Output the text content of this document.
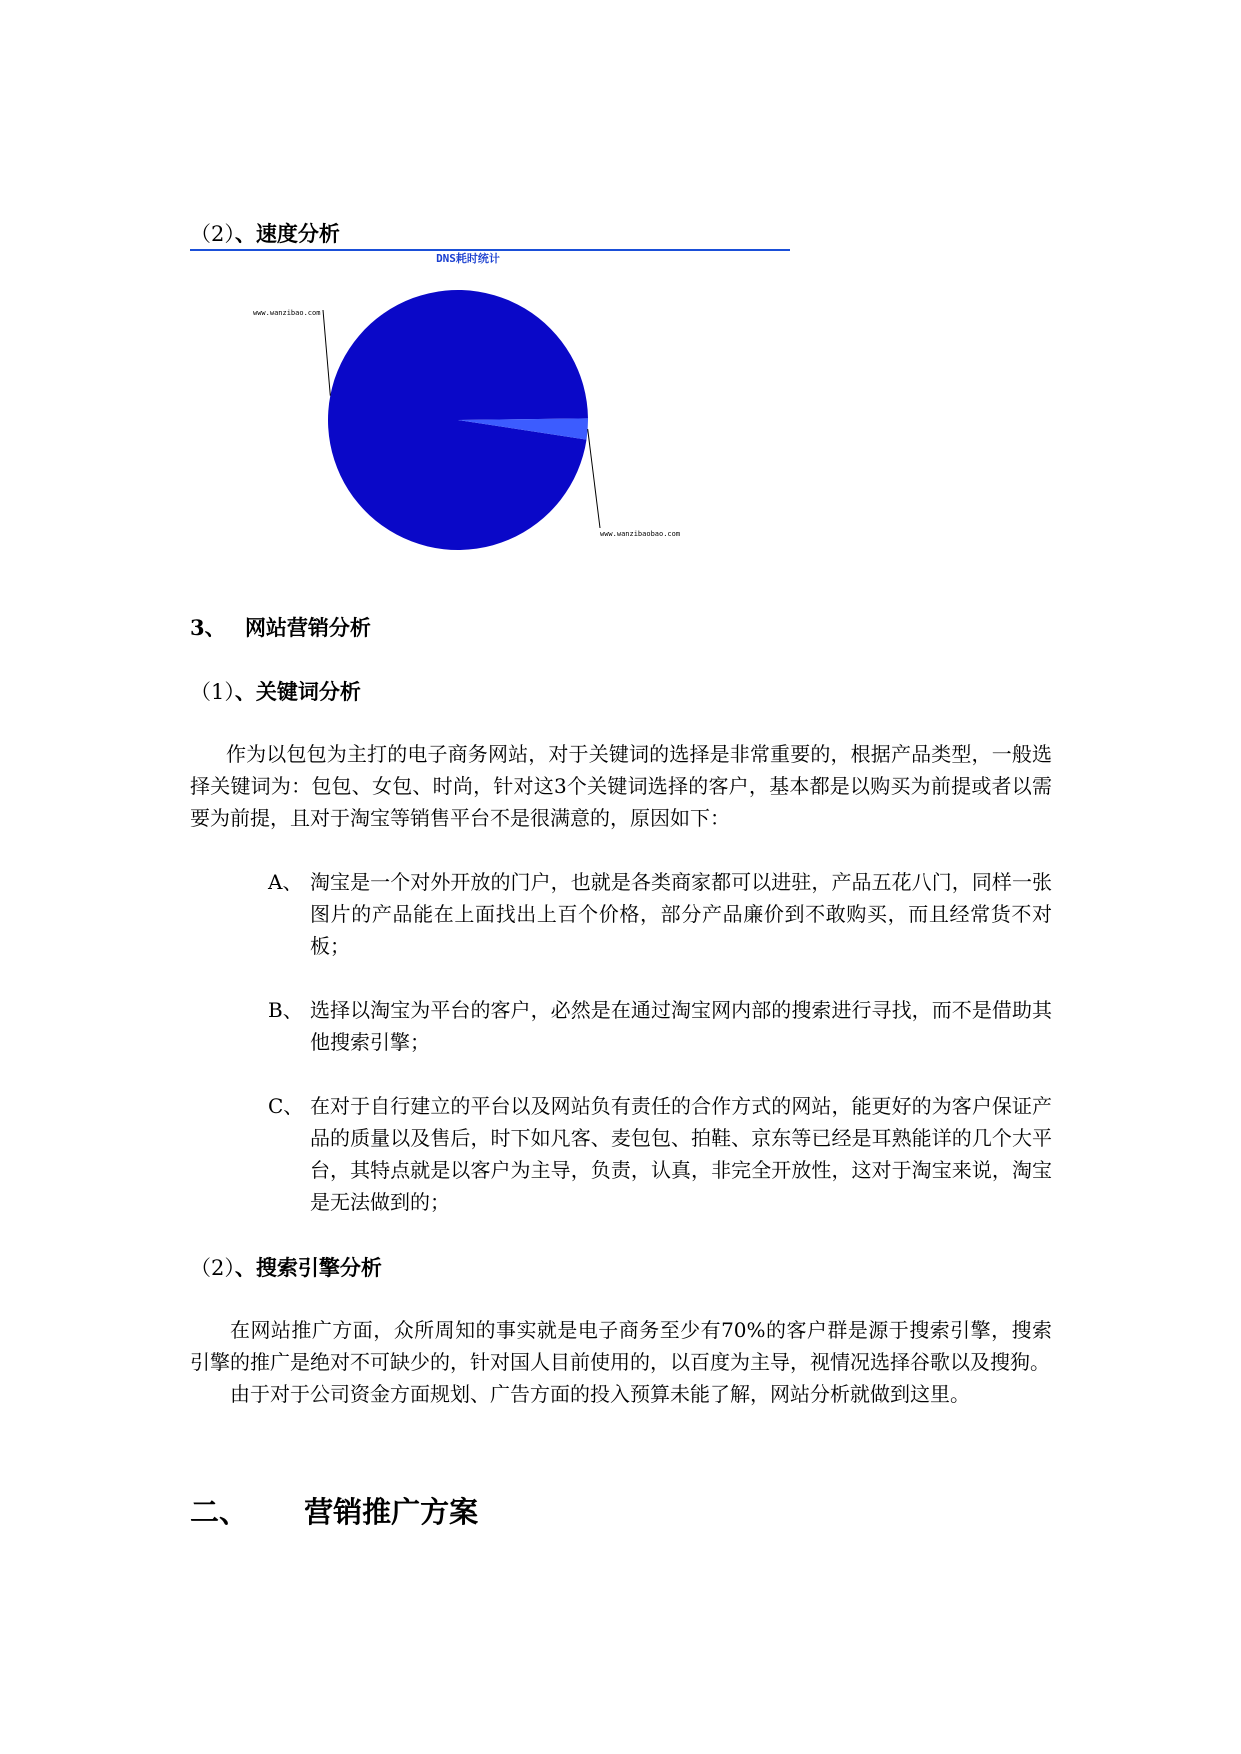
（2）、速度分析
DNS耗时统计
www.wanzibao.com
www.wanzibaobao.com
3、 网站营销分析
（1）、关键词分析

作为以包包为主打的电子商务网站，对于关键词的选择是非常重要的，根据产品类型，一般选择关键词为：包包、女包、时尚，针对这3个关键词选择的客户，基本都是以购买为前提或者以需要为前提，且对于淘宝等销售平台不是很满意的，原因如下：

A、 淘宝是一个对外开放的门户，也就是各类商家都可以进驻，产品五花八门，同样一张图片的产品能在上面找出上百个价格，部分产品廉价到不敢购买，而且经常货不对板；
B、 选择以淘宝为平台的客户，必然是在通过淘宝网内部的搜索进行寻找，而不是借助其他搜索引擎；
C、 在对于自行建立的平台以及网站负有责任的合作方式的网站，能更好的为客户保证产品的质量以及售后，时下如凡客、麦包包、拍鞋、京东等已经是耳熟能详的几个大平台，其特点就是以客户为主导，负责，认真，非完全开放性，这对于淘宝来说，淘宝是无法做到的；
（2）、搜索引擎分析

在网站推广方面，众所周知的事实就是电子商务至少有70%的客户群是源于搜索引擎，搜索引擎的推广是绝对不可缺少的，针对国人目前使用的，以百度为主导，视情况选择谷歌以及搜狗。

由于对于公司资金方面规划、广告方面的投入预算未能了解，网站分析就做到这里。

二、 营销推广方案
